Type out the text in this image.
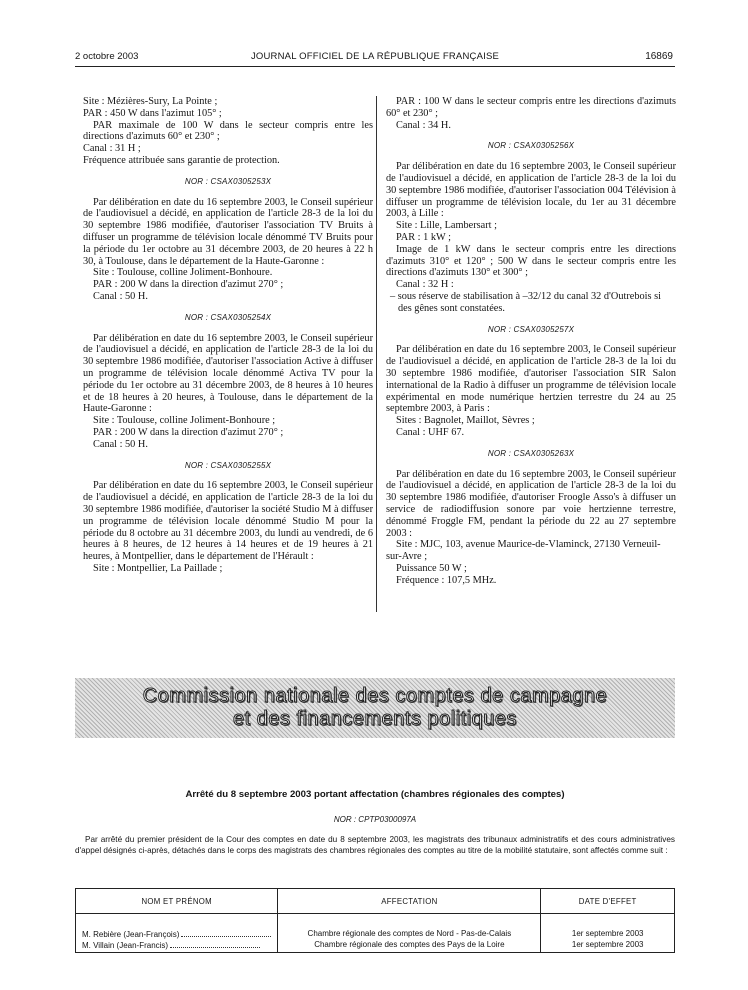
2 octobre 2003	JOURNAL OFFICIEL DE LA RÉPUBLIQUE FRANÇAISE	16869

Site : Mézières-Sury, La Pointe ;

PAR : 450 W dans l'azimut 105° ;

PAR maximale de 100 W dans le secteur compris entre les directions d'azimuts 60° et 230° ;

Canal : 31 H ;

Fréquence attribuée sans garantie de protection.

NOR : CSAX0305253X

Par délibération en date du 16 septembre 2003, le Conseil supérieur de l'audiovisuel a décidé, en application de l'article 28-3 de la loi du 30 septembre 1986 modifiée, d'autoriser l'association TV Bruits à diffuser un programme de télévision locale dénommé TV Bruits pour la période du 1er octobre au 31 décembre 2003, de 20 heures à 22 h 30, à Toulouse, dans le département de la Haute-Garonne :

Site : Toulouse, colline Joliment-Bonhoure.

PAR : 200 W dans la direction d'azimut 270° ;

Canal : 50 H.

NOR : CSAX0305254X

Par délibération en date du 16 septembre 2003, le Conseil supérieur de l'audiovisuel a décidé, en application de l'article 28-3 de la loi du 30 septembre 1986 modifiée, d'autoriser l'association Active à diffuser un programme de télévision locale dénommé Activa TV pour la période du 1er octobre au 31 décembre 2003, de 8 heures à 10 heures et de 18 heures à 20 heures, à Toulouse, dans le département de la Haute-Garonne :

Site : Toulouse, colline Joliment-Bonhoure ;

PAR : 200 W dans la direction d'azimut 270° ;

Canal : 50 H.

NOR : CSAX0305255X

Par délibération en date du 16 septembre 2003, le Conseil supérieur de l'audiovisuel a décidé, en application de l'article 28-3 de la loi du 30 septembre 1986 modifiée, d'autoriser la société Studio M à diffuser un programme de télévision locale dénommé Studio M pour la période du 8 octobre au 31 décembre 2003, du lundi au vendredi, de 6 heures à 8 heures, de 12 heures à 14 heures et de 19 heures à 21 heures, à Montpellier, dans le département de l'Hérault :

Site : Montpellier, La Paillade ;

PAR : 100 W dans le secteur compris entre les directions d'azimuts 60° et 230° ;

Canal : 34 H.

NOR : CSAX0305256X

Par délibération en date du 16 septembre 2003, le Conseil supérieur de l'audiovisuel a décidé, en application de l'article 28-3 de la loi du 30 septembre 1986 modifiée, d'autoriser l'association 004 Télévision à diffuser un programme de télévision locale, du 1er au 31 décembre 2003, à Lille :

Site : Lille, Lambersart ;

PAR : 1 kW ;

Image de 1 kW dans le secteur compris entre les directions d'azimuts 310° et 120° ; 500 W dans le secteur compris entre les directions d'azimuts 130° et 300° ;

Canal : 32 H :

– sous réserve de stabilisation à –32/12 du canal 32 d'Outrebois si des gênes sont constatées.

NOR : CSAX0305257X

Par délibération en date du 16 septembre 2003, le Conseil supérieur de l'audiovisuel a décidé, en application de l'article 28-3 de la loi du 30 septembre 1986 modifiée, d'autoriser l'association SIR Salon international de la Radio à diffuser un programme de télévision locale expérimental en mode numérique hertzien terrestre du 24 au 25 septembre 2003, à Paris :

Sites : Bagnolet, Maillot, Sèvres ;

Canal : UHF 67.

NOR : CSAX0305263X

Par délibération en date du 16 septembre 2003, le Conseil supérieur de l'audiovisuel a décidé, en application de l'article 28-3 de la loi du 30 septembre 1986 modifiée, d'autoriser Froogle Asso's à diffuser un service de radiodiffusion sonore par voie hertzienne terrestre, dénommé Froggle FM, pendant la période du 22 au 27 septembre 2003 :

Site : MJC, 103, avenue Maurice-de-Vlaminck, 27130 Verneuil-sur-Avre ;

Puissance 50 W ;

Fréquence : 107,5 MHz.

Commission nationale des comptes de campagne
et des financements politiques
Arrêté du 8 septembre 2003 portant affectation (chambres régionales des comptes)
NOR : CPTP0300097A

Par arrêté du premier président de la Cour des comptes en date du 8 septembre 2003, les magistrats des tribunaux administratifs et des cours administratives d'appel désignés ci-après, détachés dans le corps des magistrats des chambres régionales des comptes au titre de la mobilité statutaire, sont affectés comme suit :

NOM ET PRÉNOM	AFFECTATION	DATE D'EFFET
M. Rebière (Jean-François)	Chambre régionale des comptes de Nord - Pas-de-Calais	1er septembre 2003
M. Villain (Jean-Francis)	Chambre régionale des comptes des Pays de la Loire	1er septembre 2003
